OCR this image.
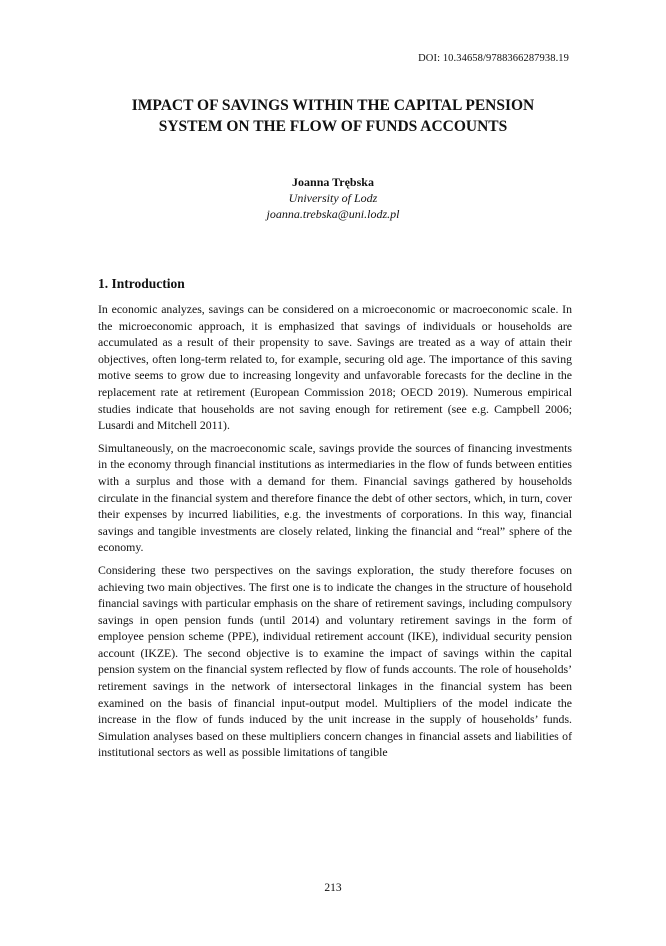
DOI: 10.34658/9788366287938.19
IMPACT OF SAVINGS WITHIN THE CAPITAL PENSION SYSTEM ON THE FLOW OF FUNDS ACCOUNTS
Joanna Trębska
University of Lodz
joanna.trebska@uni.lodz.pl
1. Introduction

In economic analyzes, savings can be considered on a microeconomic or macroeconomic scale. In the microeconomic approach, it is emphasized that savings of individuals or households are accumulated as a result of their propensity to save. Savings are treated as a way of attain their objectives, often long-term related to, for example, securing old age. The importance of this saving motive seems to grow due to increasing longevity and unfavorable forecasts for the decline in the replacement rate at retirement (European Commission 2018; OECD 2019). Numerous empirical studies indicate that households are not saving enough for retirement (see e.g. Campbell 2006; Lusardi and Mitchell 2011).

Simultaneously, on the macroeconomic scale, savings provide the sources of financing investments in the economy through financial institutions as intermediaries in the flow of funds between entities with a surplus and those with a demand for them. Financial savings gathered by households circulate in the financial system and therefore finance the debt of other sectors, which, in turn, cover their expenses by incurred liabilities, e.g. the investments of corporations. In this way, financial savings and tangible investments are closely related, linking the financial and “real” sphere of the economy.

Considering these two perspectives on the savings exploration, the study therefore focuses on achieving two main objectives. The first one is to indicate the changes in the structure of household financial savings with particular emphasis on the share of retirement savings, including compulsory savings in open pension funds (until 2014) and voluntary retirement savings in the form of employee pension scheme (PPE), individual retirement account (IKE), individual security pension account (IKZE). The second objective is to examine the impact of savings within the capital pension system on the financial system reflected by flow of funds accounts. The role of households’ retirement savings in the network of intersectoral linkages in the financial system has been examined on the basis of financial input-output model. Multipliers of the model indicate the increase in the flow of funds induced by the unit increase in the supply of households’ funds. Simulation analyses based on these multipliers concern changes in financial assets and liabilities of institutional sectors as well as possible limitations of tangible

213
